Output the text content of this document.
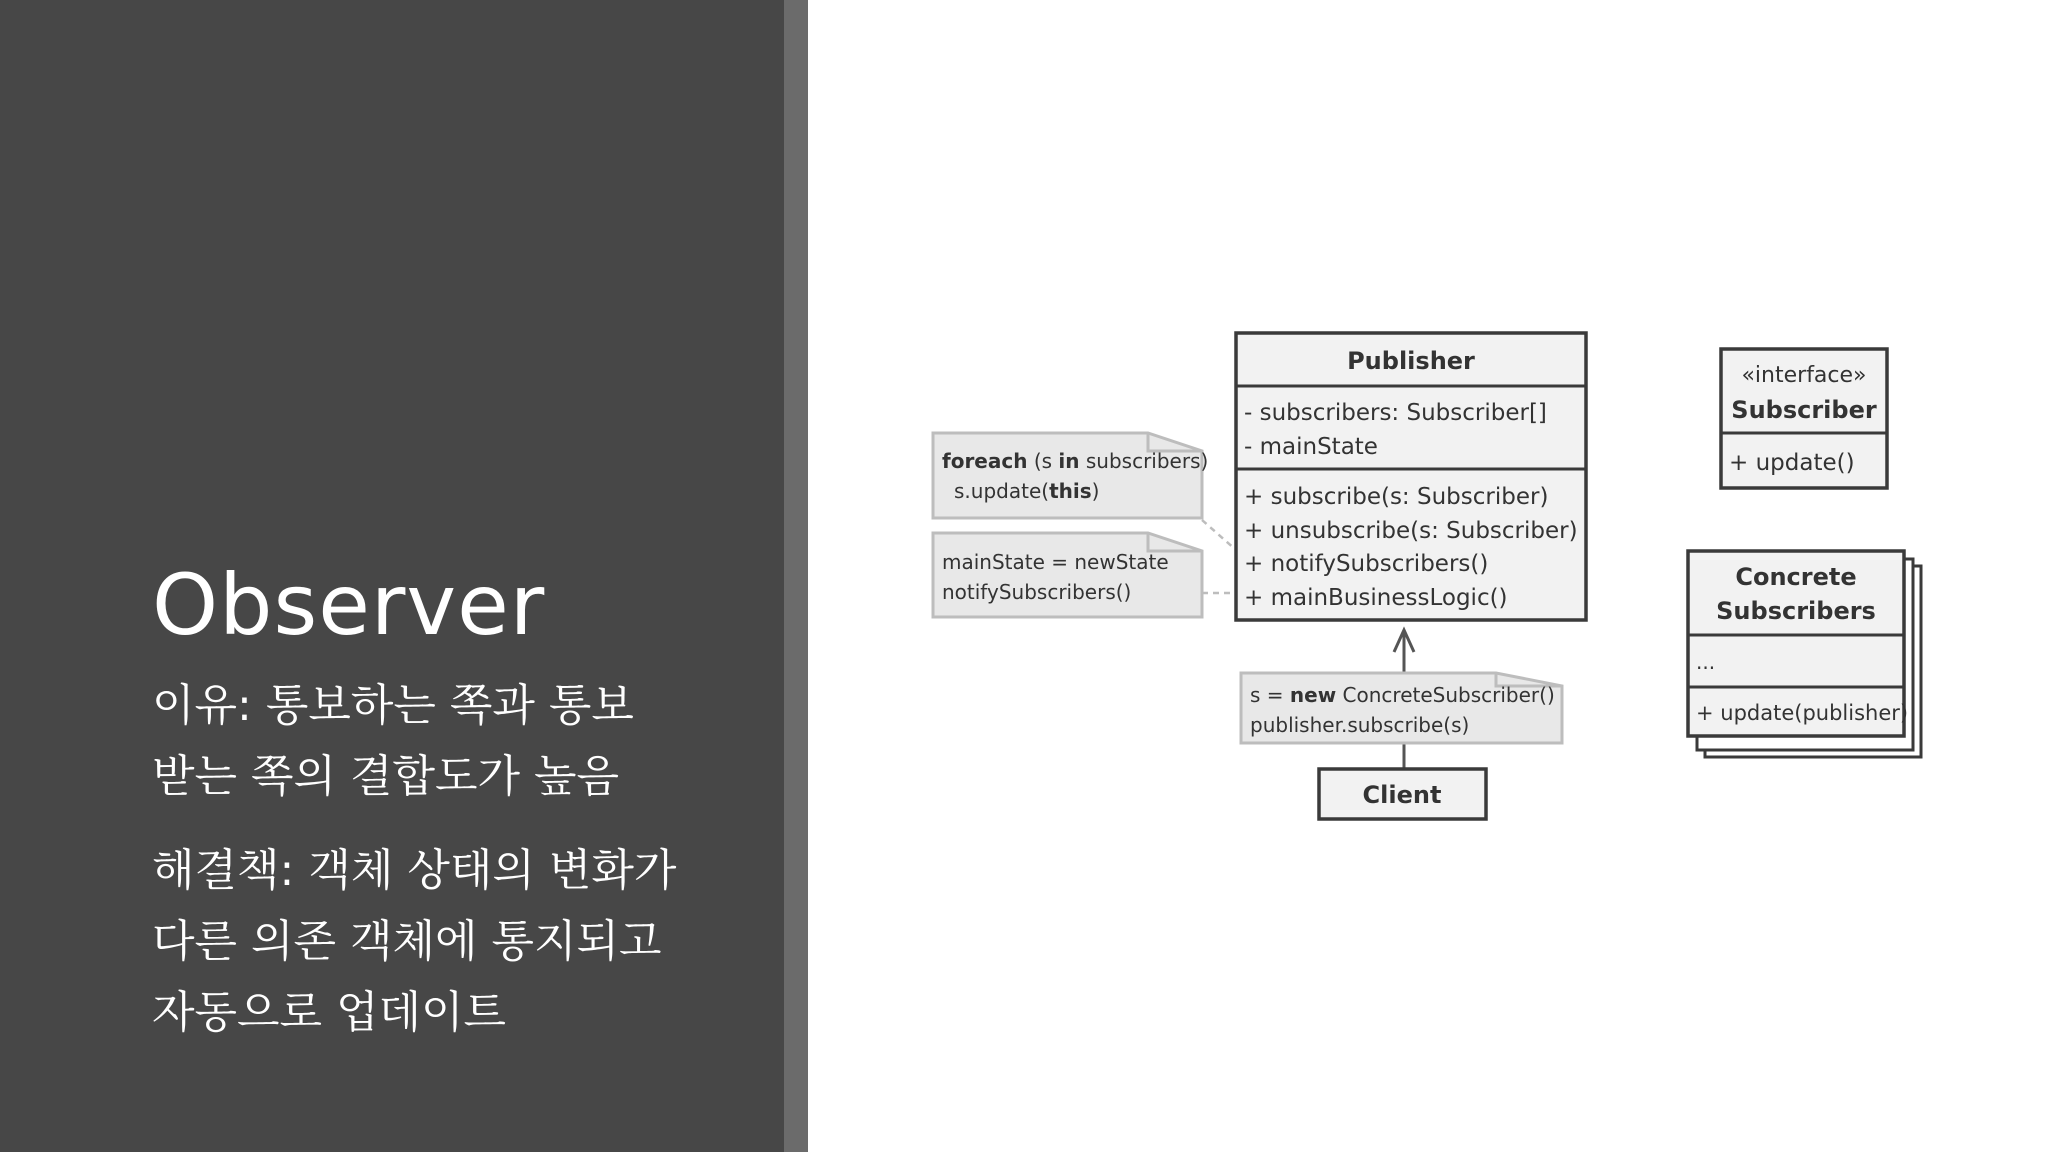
Observer
이유: 통보하는 쪽과 통보
받는 쪽의 결합도가 높음
해결책: 객체 상태의 변화가
다른 의존 객체에 통지되고
자동으로 업데이트
foreach (s in subscribers)
s.update(this)
mainState = newState
notifySubscribers()
Publisher
- subscribers: Subscriber[]
- mainState
+ subscribe(s: Subscriber)
+ unsubscribe(s: Subscriber)
+ notifySubscribers()
+ mainBusinessLogic()
«interface»
Subscriber
+ update()
Concrete
Subscribers
...
+ update(publisher)
s = new ConcreteSubscriber()
publisher.subscribe(s)
Client
